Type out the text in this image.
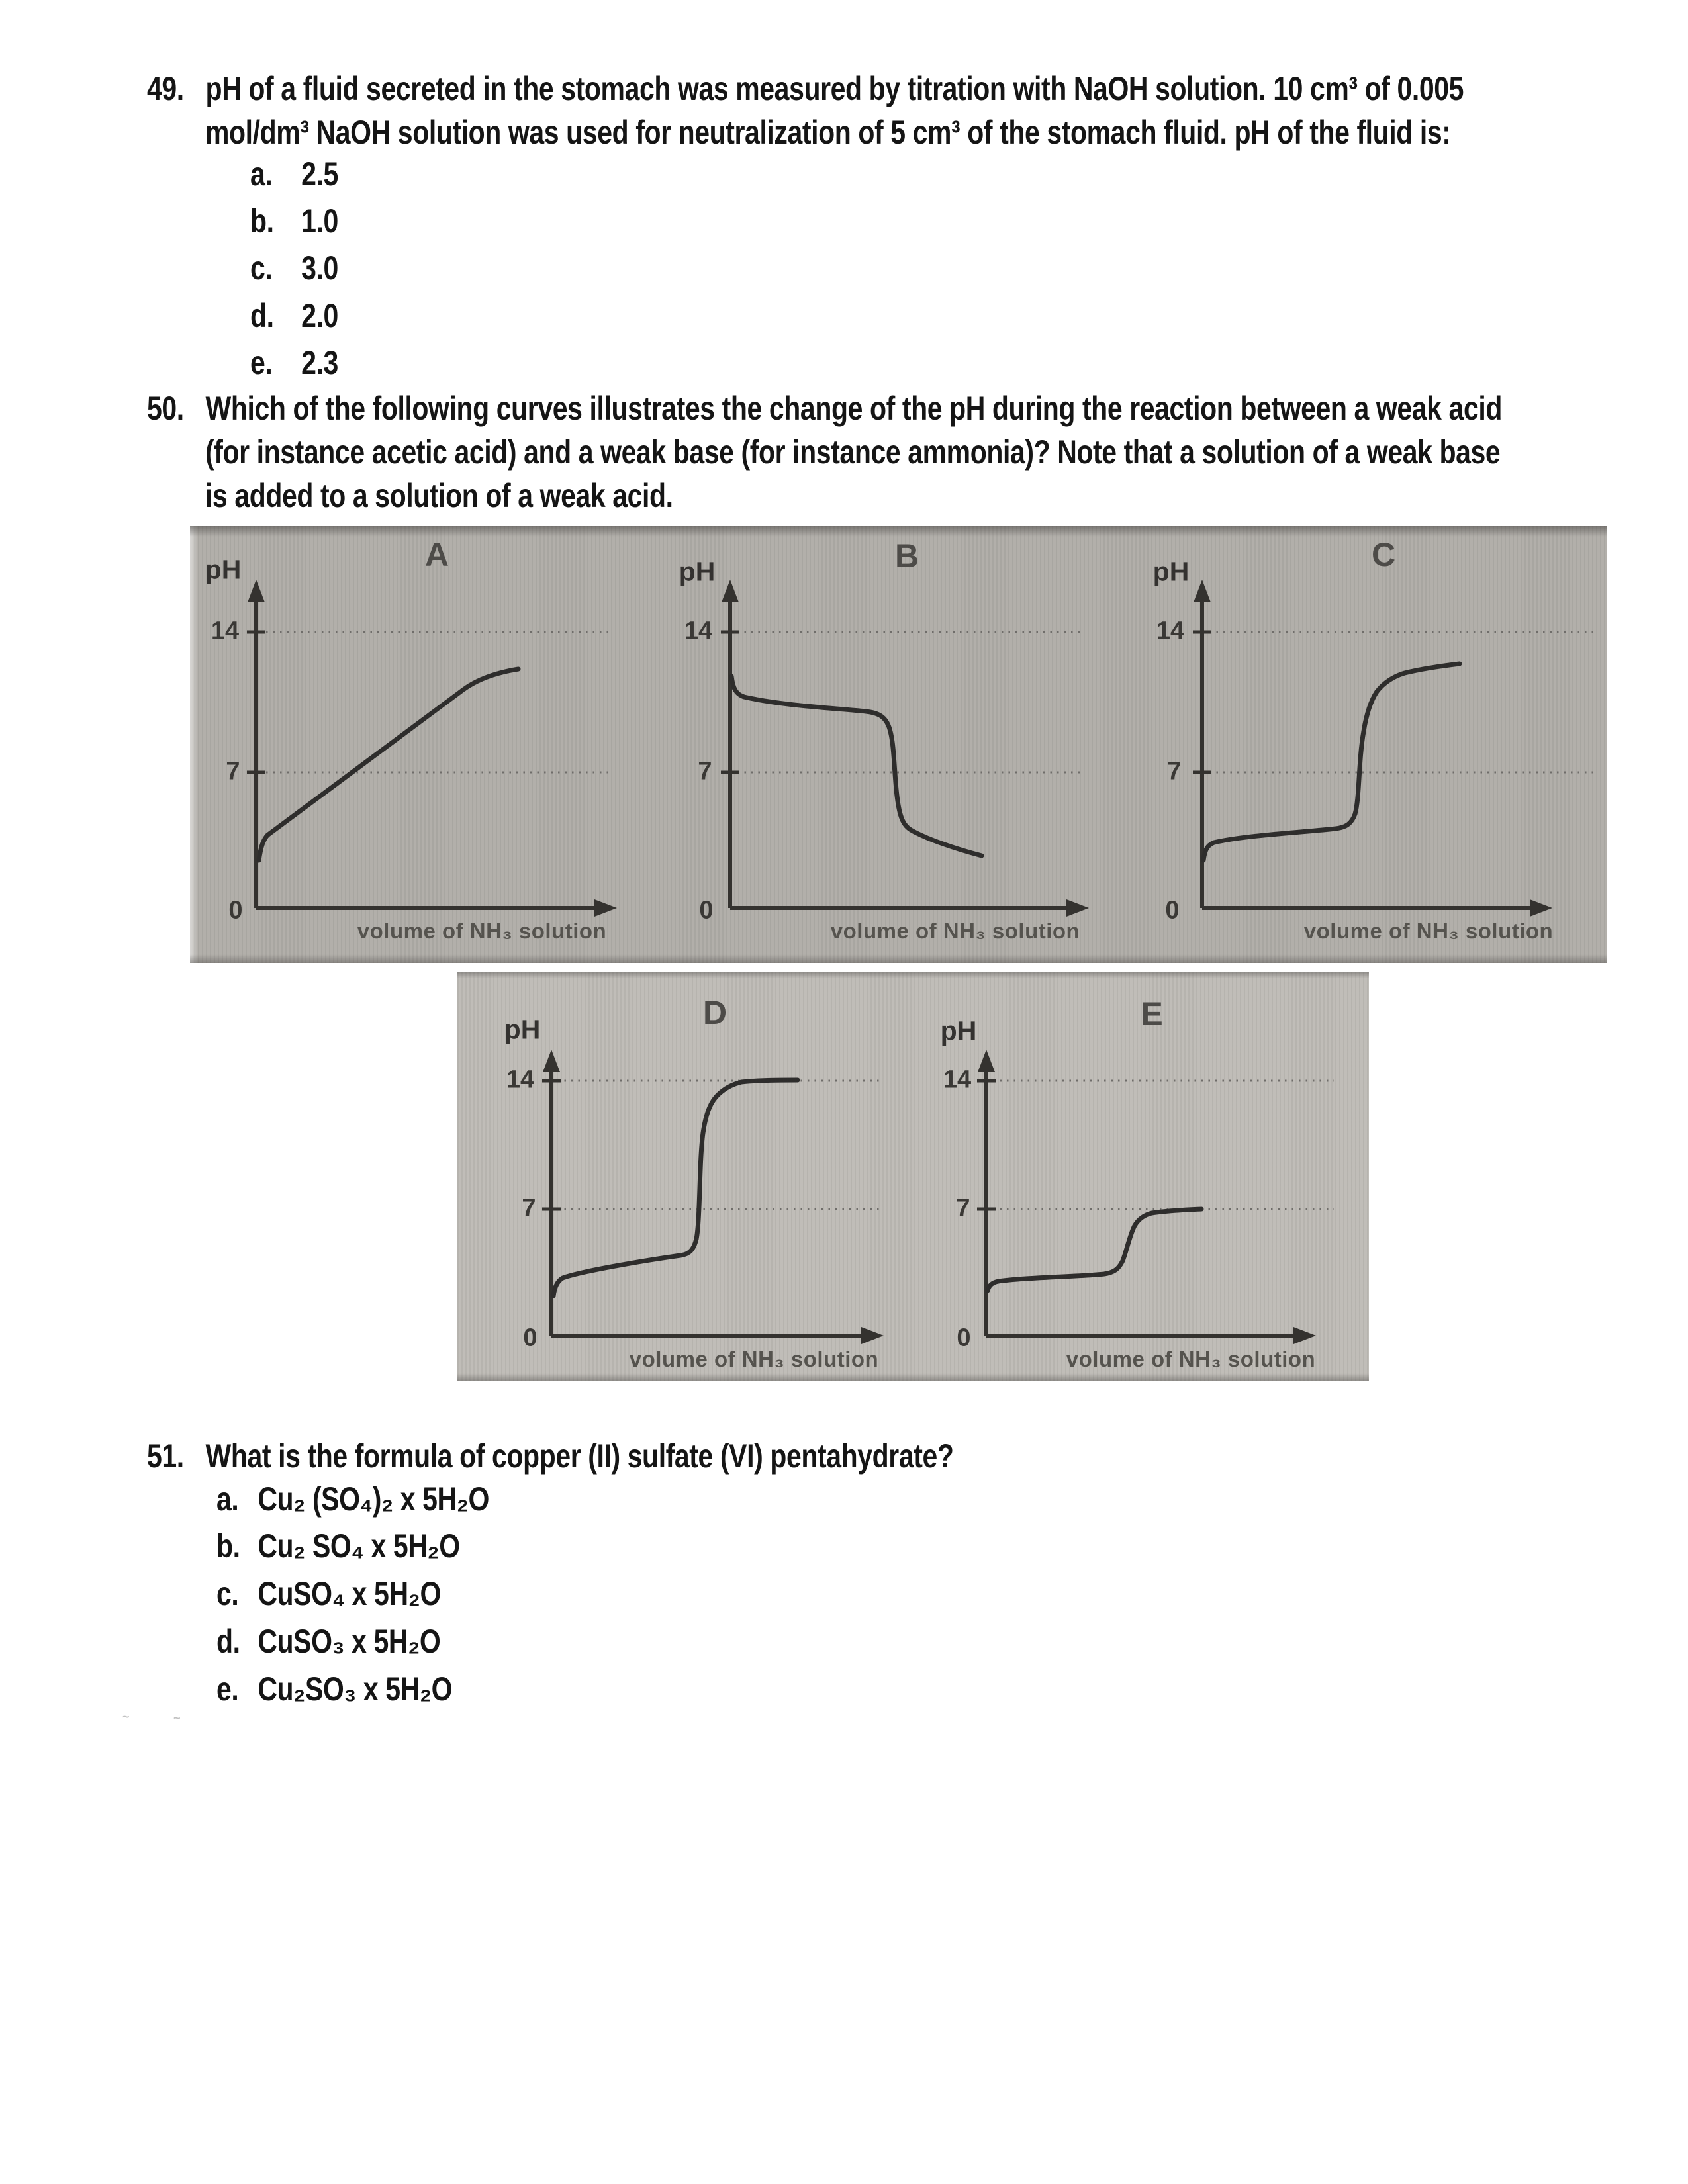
49. pH of a fluid secreted in the stomach was measured by titration with NaOH solution. 10 cm³ of 0.005
mol/dm³ NaOH solution was used for neutralization of 5 cm³ of the stomach fluid. pH of the fluid is:
a. 2.5
b. 1.0
c. 3.0
d. 2.0
e. 2.3
50. Which of the following curves illustrates the change of the pH during the reaction between a weak acid
(for instance acetic acid) and a weak base (for instance ammonia)? Note that a solution of a weak base
is added to a solution of a weak acid.
A
pH
14
7
0
volume of NH₃ solution
B
pH
14
7
0
volume of NH₃ solution
C
pH
14
7
0
volume of NH₃ solution
D
pH
14
7
0
volume of NH₃ solution
E
pH
14
7
0
volume of NH₃ solution
51. What is the formula of copper (II) sulfate (VI) pentahydrate?
a. Cu₂ (SO₄)₂ x 5H₂O
b. Cu₂ SO₄ x 5H₂O
c. CuSO₄ x 5H₂O
d. CuSO₃ x 5H₂O
e. Cu₂SO₃ x 5H₂O
~	~
